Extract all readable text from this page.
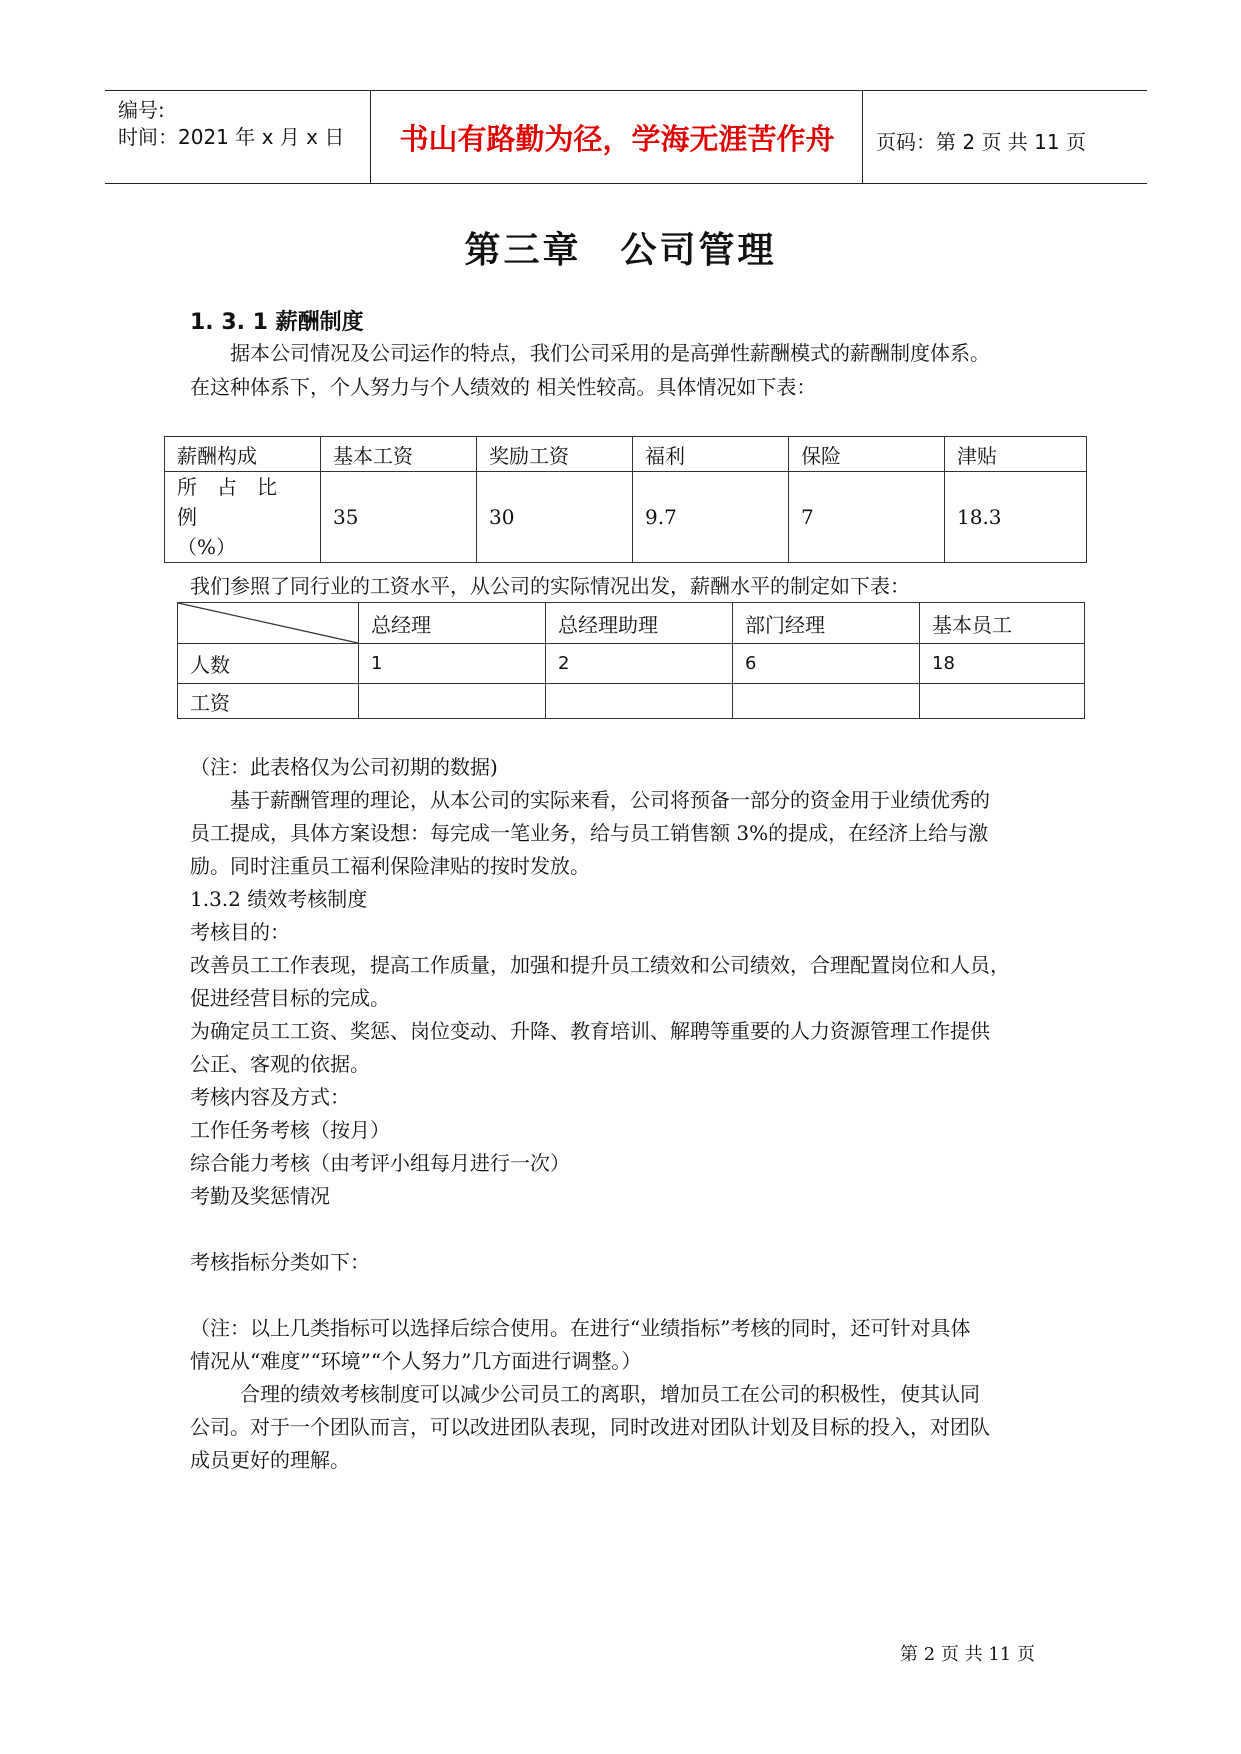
编号:
时间：2021 年 x 月 x 日	书山有路勤为径，学海无涯苦作舟	页码：第 2 页 共 11 页
第三章　公司管理
1. 3. 1 薪酬制度
据本公司情况及公司运作的特点，我们公司采用的是高弹性薪酬模式的薪酬制度体系。
在这种体系下，个人努力与个人绩效的 相关性较高。具体情况如下表：
薪酬构成	基本工资	奖励工资	福利	保险	津贴

所　占　比　例
（%）	35	30	9.7	7	18.3
我们参照了同行业的工资水平，从公司的实际情况出发，薪酬水平的制定如下表：
	总经理	总经理助理	部门经理	基本员工
人数	1	2	6	18
工资				
（注：此表格仅为公司初期的数据)
基于薪酬管理的理论，从本公司的实际来看，公司将预备一部分的资金用于业绩优秀的
员工提成，具体方案设想：每完成一笔业务，给与员工销售额 3%的提成，在经济上给与激
励。同时注重员工福利保险津贴的按时发放。
1.3.2 绩效考核制度
考核目的：
改善员工工作表现，提高工作质量，加强和提升员工绩效和公司绩效，合理配置岗位和人员，
促进经营目标的完成。
为确定员工工资、奖惩、岗位变动、升降、教育培训、解聘等重要的人力资源管理工作提供
公正、客观的依据。
考核内容及方式：
工作任务考核（按月）
综合能力考核（由考评小组每月进行一次）
考勤及奖惩情况
考核指标分类如下：
（注：以上几类指标可以选择后综合使用。在进行“业绩指标”考核的同时，还可针对具体
情况从“难度”“环境”“个人努力”几方面进行调整。）
合理的绩效考核制度可以减少公司员工的离职，增加员工在公司的积极性，使其认同
公司。对于一个团队而言，可以改进团队表现，同时改进对团队计划及目标的投入，对团队
成员更好的理解。
第 2 页 共 11 页
